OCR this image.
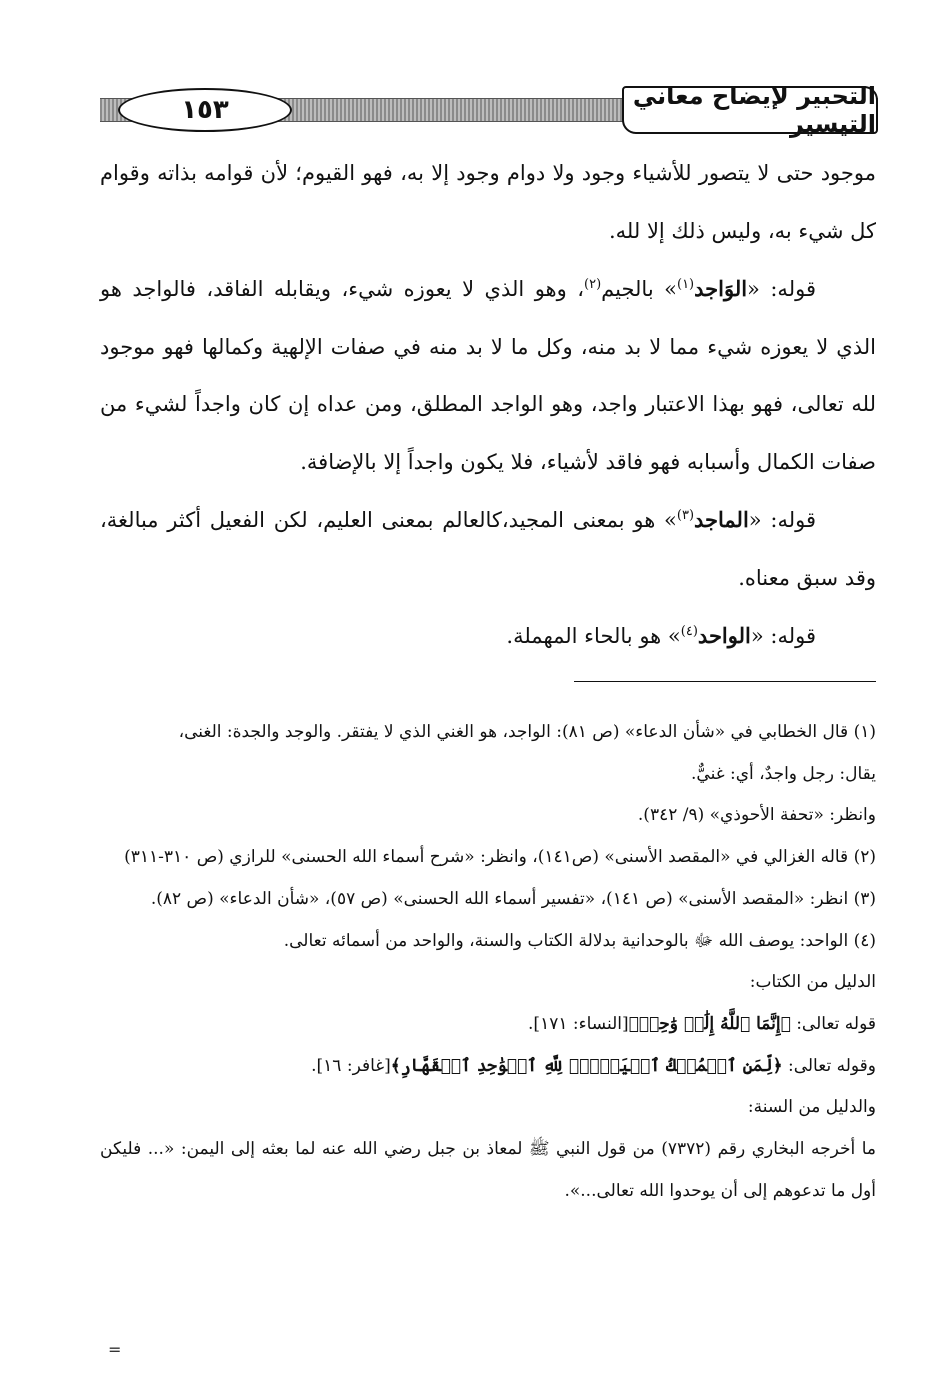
١٥٣	التحبير لإيضاح معاني التيسير

موجود حتى لا يتصور للأشياء وجود ولا دوام وجود إلا به، فهو القيوم؛ لأن قوامه بذاته وقوام كل شيء به، وليس ذلك إلا لله.

قوله: «الوَاجد$^{(١)}$» بالجيم$^{(٢)}$، وهو الذي لا يعوزه شيء، ويقابله الفاقد، فالواجد هو الذي لا يعوزه شيء مما لا بد منه، وكل ما لا بد منه في صفات الإلهية وكمالها فهو موجود لله تعالى، فهو بهذا الاعتبار واجد، وهو الواجد المطلق، ومن عداه إن كان واجداً لشيء من صفات الكمال وأسبابه فهو فاقد لأشياء، فلا يكون واجداً إلا بالإضافة.

قوله: «الماجد$^{(٣)}$» هو بمعنى المجيد،كالعالم بمعنى العليم، لكن الفعيل أكثر مبالغة، وقد سبق معناه.

قوله: «الواحد$^{(٤)}$» هو بالحاء المهملة.

(١) قال الخطابي في «شأن الدعاء» (ص ٨١): الواجد، هو الغني الذي لا يفتقر. والوجد والجدة: الغنى،

يقال: رجل واجدٌ، أي: غنيٌّ.

وانظر: «تحفة الأحوذي» (٩/ ٣٤٢).

(٢) قاله الغزالي في «المقصد الأسنى» (ص١٤١)، وانظر: «شرح أسماء الله الحسنى» للرازي (ص ٣١٠-٣١١)

(٣) انظر: «المقصد الأسنى» (ص ١٤١)، «تفسير أسماء الله الحسنى» (ص ٥٧)، «شأن الدعاء» (ص ٨٢).

(٤) الواحد: يوصف الله ﷻ بالوحدانية بدلالة الكتاب والسنة، والواحد من أسمائه تعالى.

الدليل من الكتاب:

قوله تعالى: ﴿إِنَّمَا ٱللَّهُ إِلَٰهٞ وَٰحِدٞ﴾[النساء: ١٧١].

وقوله تعالى: ﴿لِّمَنِ ٱلۡمُلۡكُ ٱلۡيَوۡمَۖ لِلَّهِ ٱلۡوَٰحِدِ ٱلۡقَهَّارِ﴾[غافر: ١٦].

والدليل من السنة:

ما أخرجه البخاري رقم (٧٣٧٢) من قول النبي ﷺ لمعاذ بن جبل رضي الله عنه لما بعثه إلى اليمن: «... فليكن أول ما تدعوهم إلى أن يوحدوا الله تعالى...».

=
